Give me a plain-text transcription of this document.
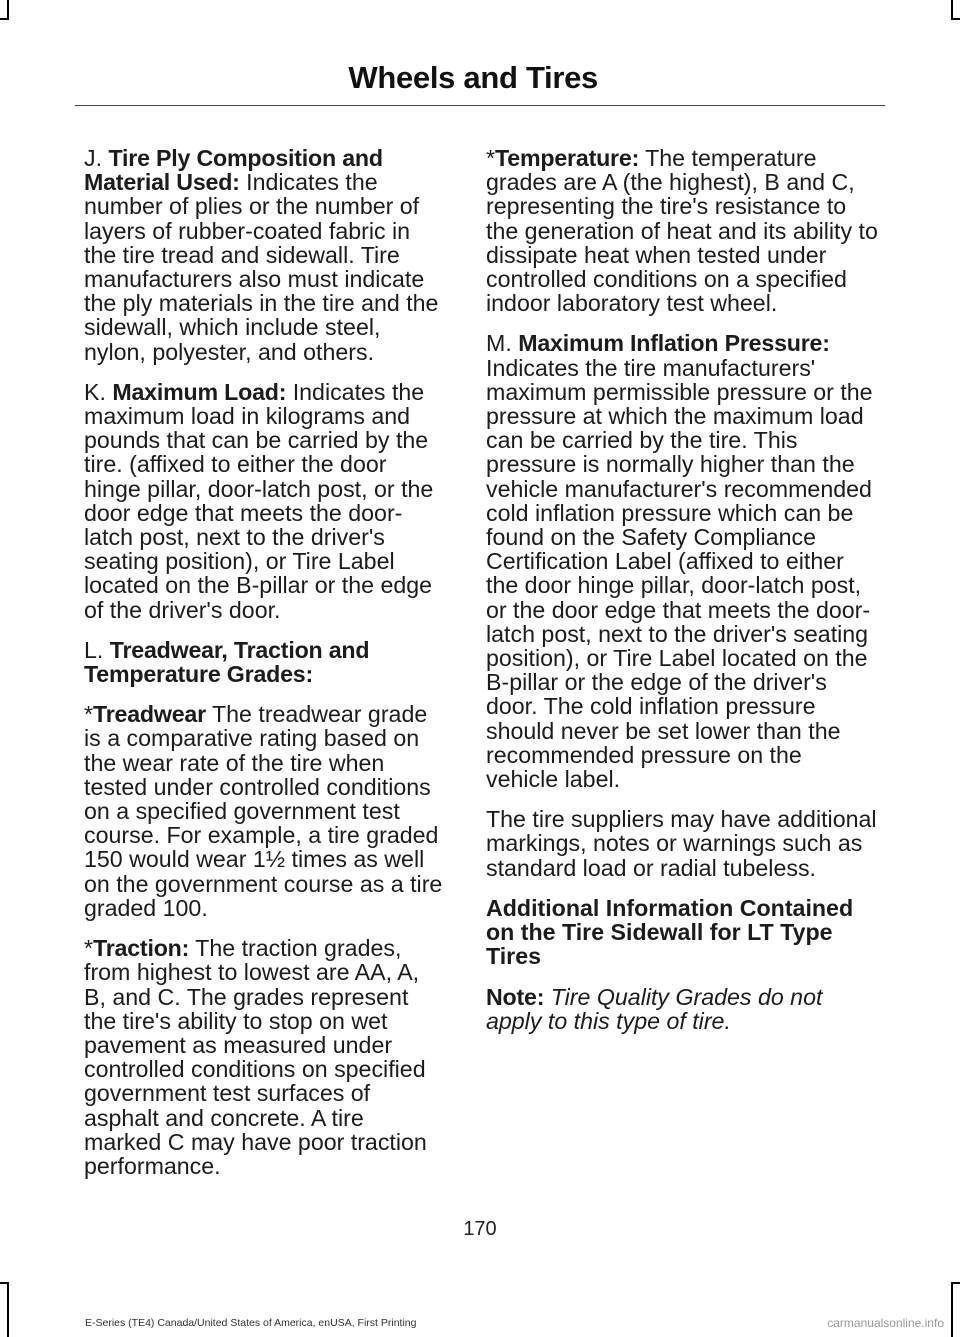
Wheels and Tires

J. Tire Ply Composition and Material Used: Indicates the number of plies or the number of layers of rubber-coated fabric in the tire tread and sidewall. Tire manufacturers also must indicate the ply materials in the tire and the sidewall, which include steel, nylon, polyester, and others.

K. Maximum Load: Indicates the maximum load in kilograms and pounds that can be carried by the tire. (affixed to either the door hinge pillar, door-latch post, or the door edge that meets the door-latch post, next to the driver's seating position), or Tire Label located on the B-pillar or the edge of the driver's door.

L. Treadwear, Traction and Temperature Grades:

*Treadwear The treadwear grade is a comparative rating based on the wear rate of the tire when tested under controlled conditions on a specified government test course. For example, a tire graded 150 would wear 1½ times as well on the government course as a tire graded 100.

*Traction: The traction grades, from highest to lowest are AA, A, B, and C. The grades represent the tire's ability to stop on wet pavement as measured under controlled conditions on specified government test surfaces of asphalt and concrete. A tire marked C may have poor traction performance.

*Temperature: The temperature grades are A (the highest), B and C, representing the tire's resistance to the generation of heat and its ability to dissipate heat when tested under controlled conditions on a specified indoor laboratory test wheel.

M. Maximum Inflation Pressure: Indicates the tire manufacturers' maximum permissible pressure or the pressure at which the maximum load can be carried by the tire. This pressure is normally higher than the vehicle manufacturer's recommended cold inflation pressure which can be found on the Safety Compliance Certification Label (affixed to either the door hinge pillar, door-latch post, or the door edge that meets the door-latch post, next to the driver's seating position), or Tire Label located on the B-pillar or the edge of the driver's door. The cold inflation pressure should never be set lower than the recommended pressure on the vehicle label.

The tire suppliers may have additional markings, notes or warnings such as standard load or radial tubeless.

Additional Information Contained on the Tire Sidewall for LT Type Tires

Note: Tire Quality Grades do not apply to this type of tire.

170
E-Series (TE4) Canada/United States of America, enUSA, First Printing	carmanualsonline.info
